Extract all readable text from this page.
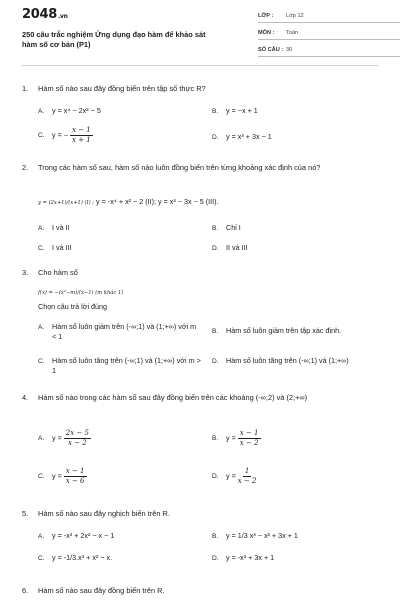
2048.vn
250 câu trắc nghiệm Ứng dụng đạo hàm để khảo sát hàm số cơ bản (P1)
LỚP :	Lớp 12
MÔN :	Toán
SỐ CÂU : 30
1. Hàm số nào sau đây đồng biến trên tập số thực R?
A. y = x⁴ − 2x² − 5	B. y = −x + 1
C. y = − $\frac{x - 1}{x + 1}$	D. y = x³ + 3x − 1
2. Trong các hàm số sau, hàm số nào luôn đồng biến trên từng khoảng xác định của nó?
y = (2x+1)/(x+1) (I) ; y = -x⁴ + x² − 2 (II); y = x³ − 3x − 5 (III).
A. I và II	B. Chỉ I
C. I và III	D. II và III
3. Cho hàm số
f(x) = −(x²−m)/(x−1) (m khác 1)
Chọn câu trả lời đúng
A. Hàm số luôn giảm trên (-∞;1) và (1;+∞) với m < 1
B. Hàm số luôn giảm trên tập xác định.
C. Hàm số luôn tăng trên (-∞;1) và (1;+∞) với m > 1
D. Hàm số luôn tăng trên (-∞;1) và (1;+∞)
4. Hàm số nào trong các hàm số sau đây đồng biến trên các khoảng (-∞;2) và (2;+∞)
A. $y = \frac{2x - 5}{x - 2}$	B. $y = \frac{x - 1}{x - 2}$
C. $y = \frac{x - 1}{x - 6}$	D. $y = \frac{1}{x - 2}$
5. Hàm số nào sau đây nghịch biến trên R.
A. y = -x³ + 2x² − x − 1	B. y = 1/3 x³ − x² + 3x + 1
C. y = -1/3.x³ + x² − x.	D. y = -x³ + 3x + 1
6. Hàm số nào sau đây đồng biến trên R.
